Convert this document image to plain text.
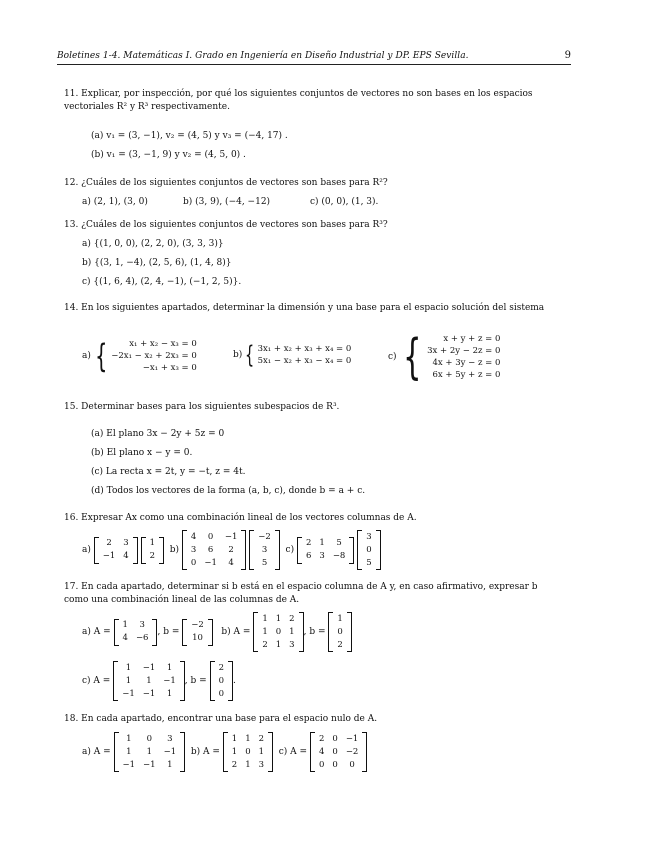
Boletines 1-4. Matemáticas I. Grado en Ingeniería en Diseño Industrial y DP. EPS Sevilla.	9
11. Explicar, por inspección, por qué los siguientes conjuntos de vectores no son bases en los espacios vectoriales R² y R³ respectivamente.
(a) v₁ = (3, −1), v₂ = (4, 5) y v₃ = (−4, 17) .
(b) v₁ = (3, −1, 9) y v₂ = (4, 5, 0) .
12. ¿Cuáles de los siguientes conjuntos de vectores son bases para R²?
a) (2, 1), (3, 0)	b) (3, 9), (−4, −12)	c) (0, 0), (1, 3).
13. ¿Cuáles de los siguientes conjuntos de vectores son bases para R³?
a) {(1, 0, 0), (2, 2, 0), (3, 3, 3)}
b) {(3, 1, −4), (2, 5, 6), (1, 4, 8)}
c) {(1, 6, 4), (2, 4, −1), (−1, 2, 5)}.
14. En los siguientes apartados, determinar la dimensión y una base para el espacio solución del sistema
a) {	x₁ + x₂ − x₃ = 0
−2x₁ − x₂ + 2x₃ = 0
−x₁ + x₃ = 0
b) { 3x₁ + x₂ + x₃ + x₄ = 0
5x₁ − x₂ + x₃ − x₄ = 0	c) {	x + y + z = 0
3x + 2y − 2z = 0
4x + 3y − z = 0
6x + 5y + z = 0
15. Determinar bases para los siguientes subespacios de R³.
(a) El plano 3x − 2y + 5z = 0
(b) El plano x − y = 0.
(c) La recta x = 2t, y = −t, z = 4t.
(d) Todos los vectores de la forma (a, b, c), donde b = a + c.
16. Expresar Ax como una combinación lineal de los vectores columnas de A.
a)

	2	3	
	−1	4	

	1	
2

b)

	4	0	−1	
	3	6	2	
	0	−1	4	

	−2	
3
5

c)

	2	1	5	
	6	3	−8	

	3	
0
5
17. En cada apartado, determinar si b está en el espacio columna de A y, en caso afirmativo, expresar b como una combinación lineal de las columnas de A.
a) A =

	1	3	
	4	−6	
,
b =

	−2	
10

b) A =

	1	1	2	
	1	0	1	
	2	1	3	
,
b =

	1	
0
2
c) A =

	1	−1	1	
	1	1	−1	
	−1	−1	1	
,
b =

	2	
0
0
.
18. En cada apartado, encontrar una base para el espacio nulo de A.
a) A =

	1	0	3	
	1	1	−1	
	−1	−1	1	

b) A =

	1	1	2	
	1	0	1	
	2	1	3	

c) A =

	2	0	−1	
	4	0	−2	
	0	0	0	
